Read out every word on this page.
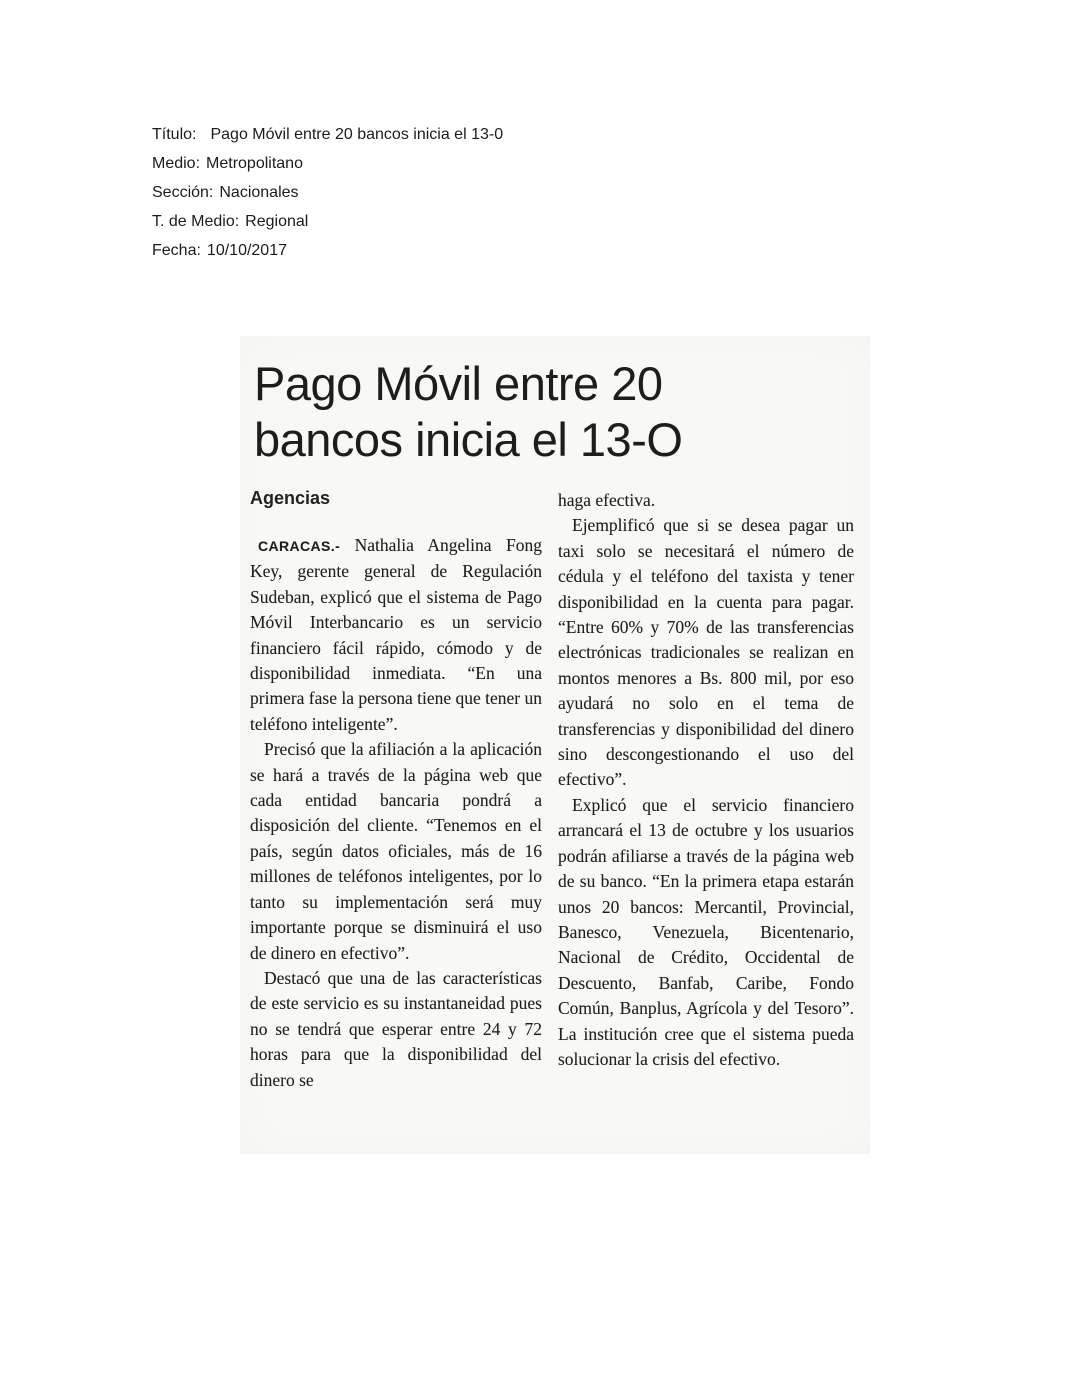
Título: Pago Móvil entre 20 bancos inicia el 13-0
Medio: Metropolitano
Sección: Nacionales
T. de Medio: Regional
Fecha: 10/10/2017
Pago Móvil entre 20
bancos inicia el 13-O
Agencias

CARACAS.- Nathalia Angelina Fong Key, gerente general de Regulación Sudeban, explicó que el sistema de Pago Móvil Interbancario es un servicio financiero fácil rápido, cómodo y de disponibilidad inmediata. “En una primera fase la persona tiene que tener un teléfono inteligente”.

Precisó que la afiliación a la aplicación se hará a través de la página web que cada entidad bancaria pondrá a disposición del cliente. “Tenemos en el país, según datos oficiales, más de 16 millones de teléfonos inteligentes, por lo tanto su implementación será muy importante porque se disminuirá el uso de dinero en efectivo”.

Destacó que una de las características de este servicio es su instantaneidad pues no se tendrá que esperar entre 24 y 72 horas para que la disponibilidad del dinero se

haga efectiva.

Ejemplificó que si se desea pagar un taxi solo se necesitará el número de cédula y el teléfono del taxista y tener disponibilidad en la cuenta para pagar. “Entre 60% y 70% de las transferencias electrónicas tradicionales se realizan en montos menores a Bs. 800 mil, por eso ayudará no solo en el tema de transferencias y disponibilidad del dinero sino descongestionando el uso del efectivo”.

Explicó que el servicio financiero arrancará el 13 de octubre y los usuarios podrán afiliarse a través de la página web de su banco. “En la primera etapa estarán unos 20 bancos: Mercantil, Provincial, Banesco, Venezuela, Bicentenario, Nacional de Crédito, Occidental de Descuento, Banfab, Caribe, Fondo Común, Banplus, Agrícola y del Tesoro”. La institución cree que el sistema pueda solucionar la crisis del efectivo.
